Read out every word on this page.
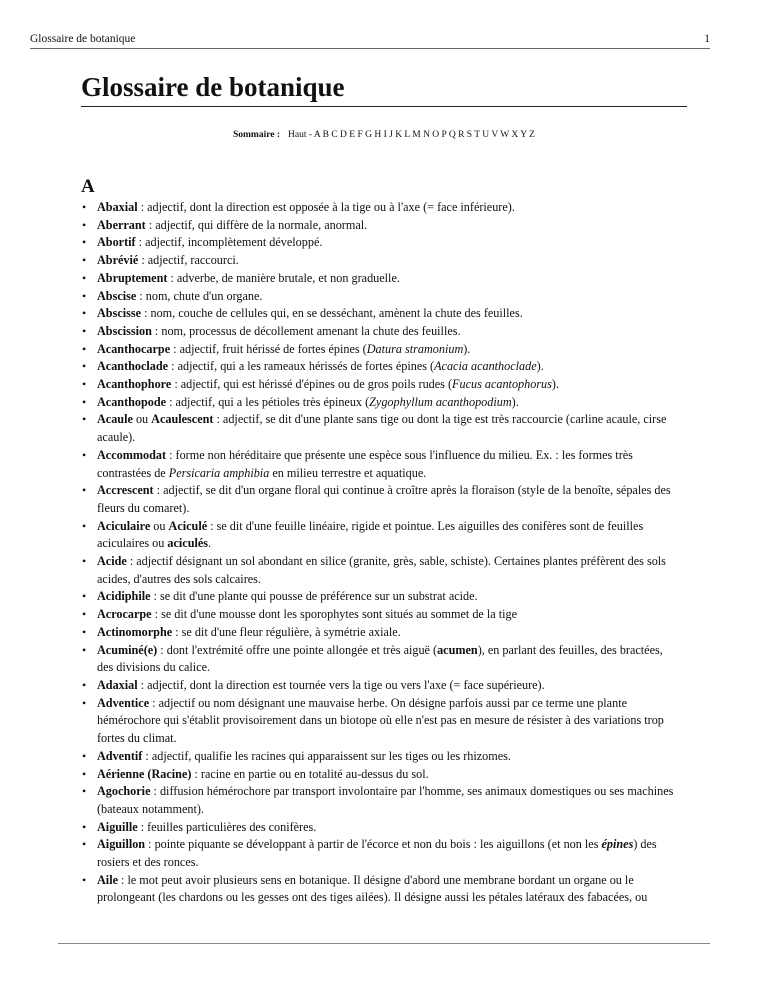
Glossaire de botanique	1
Glossaire de botanique
Sommaire : Haut - A B C D E F G H I J K L M N O P Q R S T U V W X Y Z
A
• Abaxial : adjectif, dont la direction est opposée à la tige ou à l'axe (= face inférieure).
• Aberrant : adjectif, qui diffère de la normale, anormal.
• Abortif : adjectif, incomplètement développé.
• Abrévié : adjectif, raccourci.
• Abruptement : adverbe, de manière brutale, et non graduelle.
• Abscise : nom, chute d'un organe.
• Abscisse : nom, couche de cellules qui, en se desséchant, amènent la chute des feuilles.
• Abscission : nom, processus de décollement amenant la chute des feuilles.
• Acanthocarpe : adjectif, fruit hérissé de fortes épines (Datura stramonium).
• Acanthoclade : adjectif, qui a les rameaux hérissés de fortes épines (Acacia acanthoclade).
• Acanthophore : adjectif, qui est hérissé d'épines ou de gros poils rudes (Fucus acantophorus).
• Acanthopode : adjectif, qui a les pétioles très épineux (Zygophyllum acanthopodium).
• Acaule ou Acaulescent : adjectif, se dit d'une plante sans tige ou dont la tige est très raccourcie (carline acaule, cirse acaule).
• Accommodat : forme non héréditaire que présente une espèce sous l'influence du milieu. Ex. : les formes très contrastées de Persicaria amphibia en milieu terrestre et aquatique.
• Accrescent : adjectif, se dit d'un organe floral qui continue à croître après la floraison (style de la benoîte, sépales des fleurs du comaret).
• Aciculaire ou Aciculé : se dit d'une feuille linéaire, rigide et pointue. Les aiguilles des conifères sont de feuilles aciculaires ou aciculés.
• Acide : adjectif désignant un sol abondant en silice (granite, grès, sable, schiste). Certaines plantes préfèrent des sols acides, d'autres des sols calcaires.
• Acidiphile : se dit d'une plante qui pousse de préférence sur un substrat acide.
• Acrocarpe : se dit d'une mousse dont les sporophytes sont situés au sommet de la tige
• Actinomorphe : se dit d'une fleur régulière, à symétrie axiale.
• Acuminé(e) : dont l'extrémité offre une pointe allongée et très aiguë (acumen), en parlant des feuilles, des bractées, des divisions du calice.
• Adaxial : adjectif, dont la direction est tournée vers la tige ou vers l'axe (= face supérieure).
• Adventice : adjectif ou nom désignant une mauvaise herbe. On désigne parfois aussi par ce terme une plante hémérochore qui s'établit provisoirement dans un biotope où elle n'est pas en mesure de résister à des variations trop fortes du climat.
• Adventif : adjectif, qualifie les racines qui apparaissent sur les tiges ou les rhizomes.
• Aérienne (Racine) : racine en partie ou en totalité au-dessus du sol.
• Agochorie : diffusion hémérochore par transport involontaire par l'homme, ses animaux domestiques ou ses machines (bateaux notamment).
• Aiguille : feuilles particulières des conifères.
• Aiguillon : pointe piquante se développant à partir de l'écorce et non du bois : les aiguillons (et non les épines) des rosiers et des ronces.
• Aile : le mot peut avoir plusieurs sens en botanique. Il désigne d'abord une membrane bordant un organe ou le prolongeant (les chardons ou les gesses ont des tiges ailées). Il désigne aussi les pétales latéraux des fabacées, ou
